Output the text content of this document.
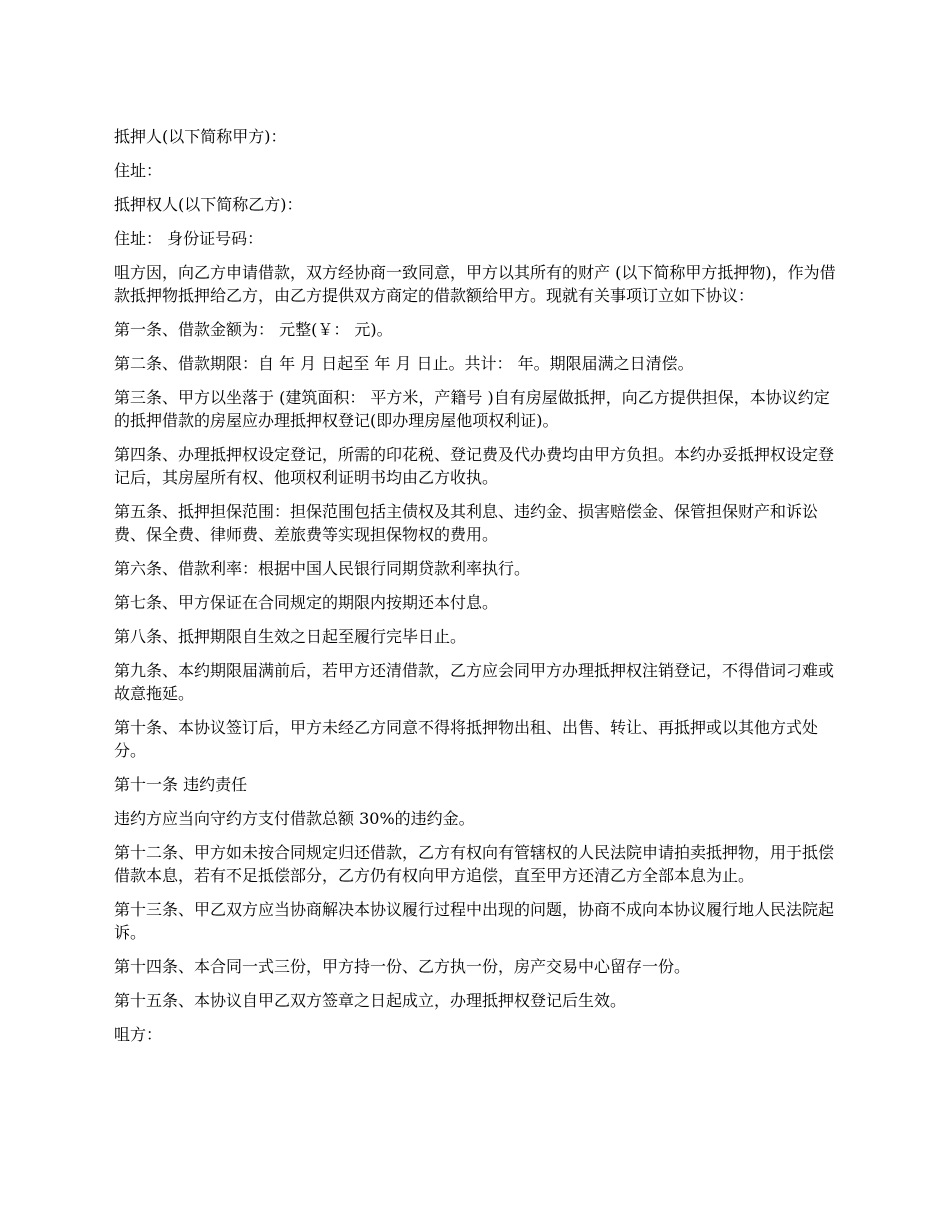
抵押人(以下简称甲方)：

住址：

抵押权人(以下简称乙方)：

住址： 身份证号码：

咀方因，向乙方申请借款，双方经协商一致同意，甲方以其所有的财产 (以下简称甲方抵押物)，作为借款抵押物抵押给乙方，由乙方提供双方商定的借款额给甲方。现就有关事项订立如下协议：

第一条、借款金额为： 元整(￥： 元)。

第二条、借款期限：自 年 月 日起至 年 月 日止。共计： 年。期限届满之日清偿。

第三条、甲方以坐落于 (建筑面积： 平方米，产籍号 )自有房屋做抵押，向乙方提供担保，本协议约定的抵押借款的房屋应办理抵押权登记(即办理房屋他项权利证)。

第四条、办理抵押权设定登记，所需的印花税、登记费及代办费均由甲方负担。本约办妥抵押权设定登记后，其房屋所有权、他项权利证明书均由乙方收执。

第五条、抵押担保范围：担保范围包括主债权及其利息、违约金、损害赔偿金、保管担保财产和诉讼费、保全费、律师费、差旅费等实现担保物权的费用。

第六条、借款利率：根据中国人民银行同期贷款利率执行。

第七条、甲方保证在合同规定的期限内按期还本付息。

第八条、抵押期限自生效之日起至履行完毕日止。

第九条、本约期限届满前后，若甲方还清借款，乙方应会同甲方办理抵押权注销登记，不得借词刁难或故意拖延。

第十条、本协议签订后，甲方未经乙方同意不得将抵押物出租、出售、转让、再抵押或以其他方式处分。

第十一条 违约责任

违约方应当向守约方支付借款总额 30%的违约金。

第十二条、甲方如未按合同规定归还借款，乙方有权向有管辖权的人民法院申请拍卖抵押物，用于抵偿借款本息，若有不足抵偿部分，乙方仍有权向甲方追偿，直至甲方还清乙方全部本息为止。

第十三条、甲乙双方应当协商解决本协议履行过程中出现的问题，协商不成向本协议履行地人民法院起诉。

第十四条、本合同一式三份，甲方持一份、乙方执一份，房产交易中心留存一份。

第十五条、本协议自甲乙双方签章之日起成立，办理抵押权登记后生效。

咀方：
